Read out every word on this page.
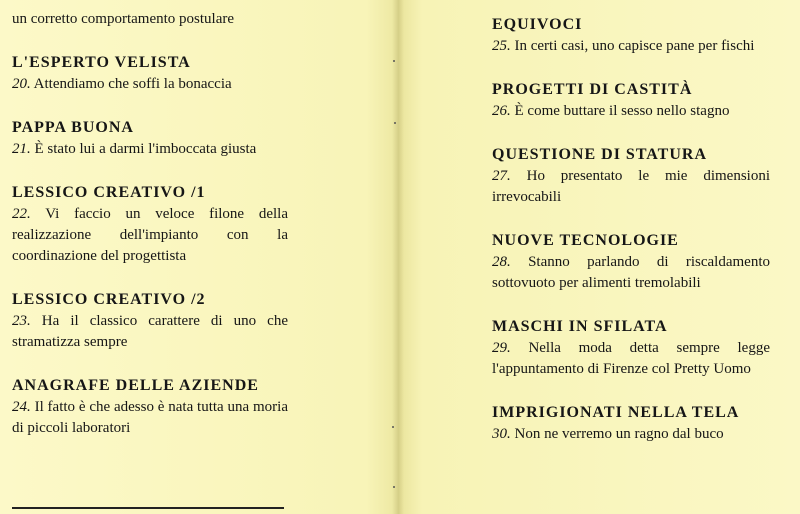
un corretto comportamento postulare

L'ESPERTO VELISTA

20. Attendiamo che soffi la bonaccia

PAPPA BUONA

21. È stato lui a darmi l'imboccata giusta

LESSICO CREATIVO /1

22. Vi faccio un veloce filone della realizzazione dell'impianto con la coordinazione del progettista

LESSICO CREATIVO /2

23. Ha il classico carattere di uno che stramatizza sempre

ANAGRAFE DELLE AZIENDE

24. Il fatto è che adesso è nata tutta una moria di piccoli laboratori

EQUIVOCI

25. In certi casi, uno capisce pane per fischi

PROGETTI DI CASTITÀ

26. È come buttare il sesso nello stagno

QUESTIONE DI STATURA

27. Ho presentato le mie dimensioni irrevocabili

NUOVE TECNOLOGIE

28. Stanno parlando di riscaldamento sottovuoto per alimenti tremolabili

MASCHI IN SFILATA

29. Nella moda detta sempre legge l'appuntamento di Firenze col Pretty Uomo

IMPRIGIONATI NELLA TELA

30. Non ne verremo un ragno dal buco
